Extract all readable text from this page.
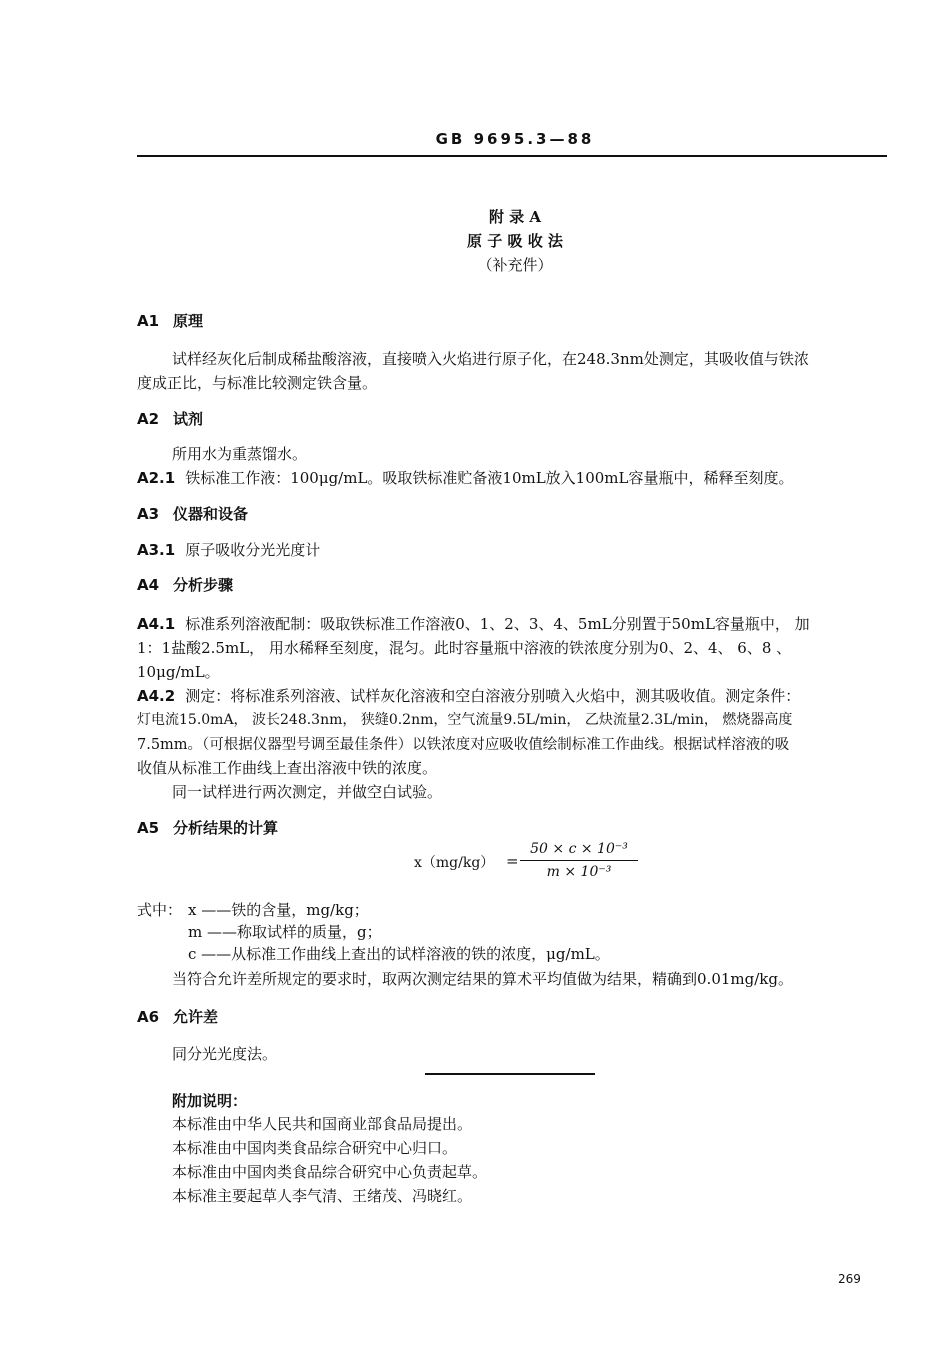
GB 9695.3—88
附 录 A
原 子 吸 收 法
（补充件）
A1 原理
试样经灰化后制成稀盐酸溶液，直接喷入火焰进行原子化，在248.3nm处测定，其吸收值与铁浓
度成正比，与标准比较测定铁含量。
A2 试剂
所用水为重蒸馏水。
A2.1 铁标准工作液：100μg/mL。吸取铁标准贮备液10mL放入100mL容量瓶中，稀释至刻度。
A3 仪器和设备
A3.1 原子吸收分光光度计
A4 分析步骤
A4.1 标准系列溶液配制：吸取铁标准工作溶液0、1、2、3、4、5mL分别置于50mL容量瓶中， 加
1：1盐酸2.5mL， 用水稀释至刻度，混匀。此时容量瓶中溶液的铁浓度分别为0、2、4、 6、8 、
10μg/mL。
A4.2 测定：将标准系列溶液、试样灰化溶液和空白溶液分别喷入火焰中，测其吸收值。测定条件：
灯电流15.0mA， 波长248.3nm， 狭缝0.2nm，空气流量9.5L/min， 乙炔流量2.3L/min， 燃烧器高度
7.5mm。（可根据仪器型号调至最佳条件）以铁浓度对应吸收值绘制标准工作曲线。根据试样溶液的吸
收值从标准工作曲线上查出溶液中铁的浓度。
同一试样进行两次测定，并做空白试验。
A5 分析结果的计算
x（mg/kg） =
50 × c × 10⁻³
m × 10⁻³
式中： x ——铁的含量，mg/kg；
m ——称取试样的质量，g；
c ——从标准工作曲线上查出的试样溶液的铁的浓度，μg/mL。
当符合允许差所规定的要求时，取两次测定结果的算术平均值做为结果，精确到0.01mg/kg。
A6 允许差
同分光光度法。
附加说明：
本标准由中华人民共和国商业部食品局提出。
本标准由中国肉类食品综合研究中心归口。
本标准由中国肉类食品综合研究中心负责起草。
本标准主要起草人李气清、王绪茂、冯晓红。
269
